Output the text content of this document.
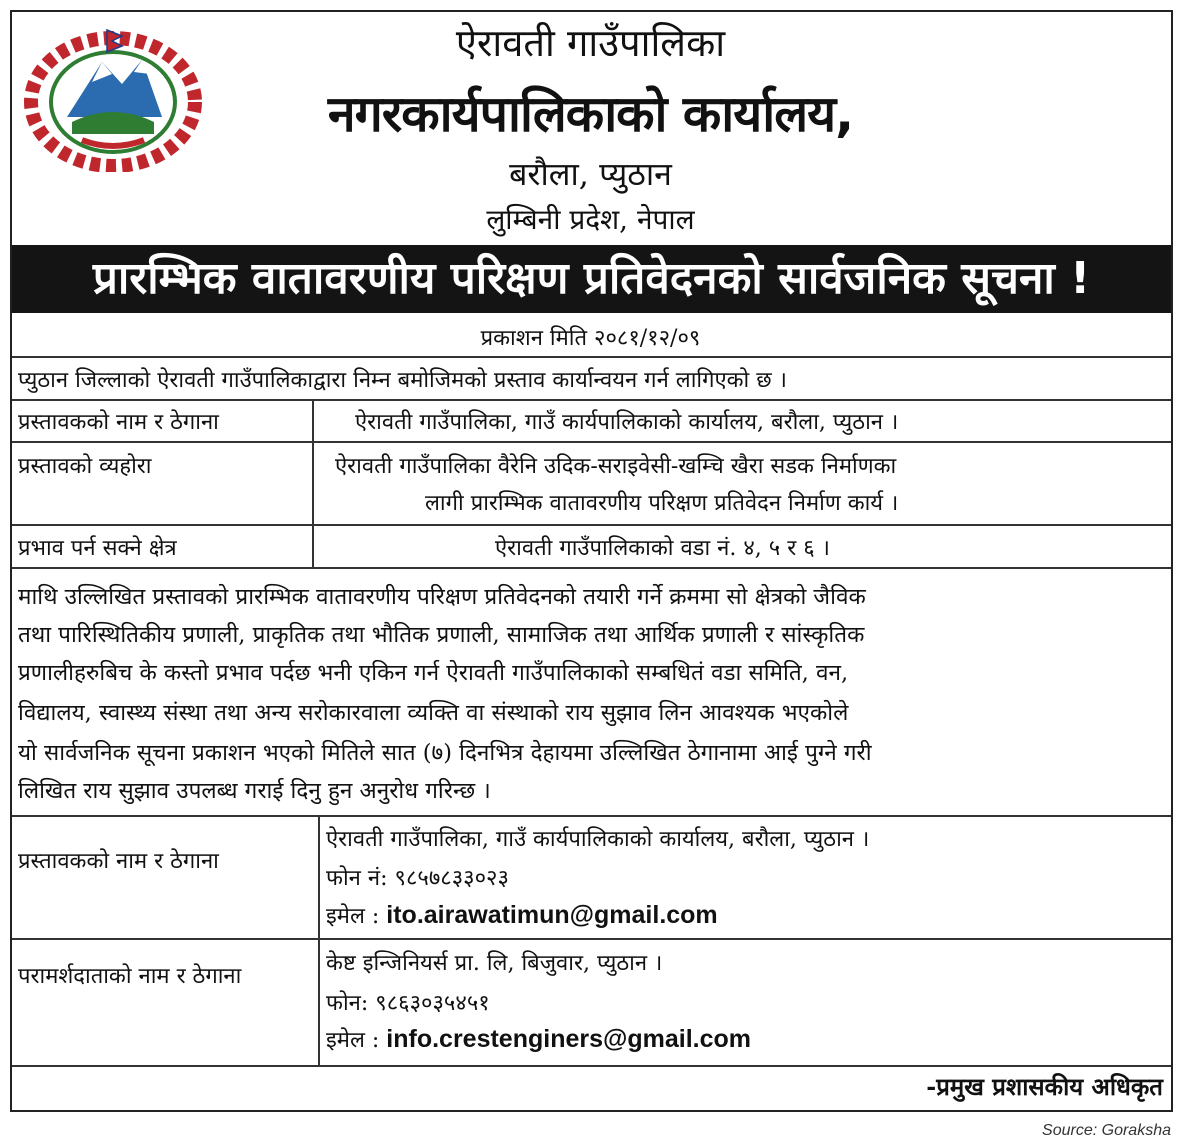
ऐरावती गाउँपालिका
नगरकार्यपालिकाको कार्यालय,
बरौला, प्युठान
लुम्बिनी प्रदेश, नेपाल
प्रारम्भिक वातावरणीय परिक्षण प्रतिवेदनको सार्वजनिक सूचना !
प्रकाशन मिति २०८१/१२/०९
प्युठान जिल्लाको ऐरावती गाउँपालिकाद्वारा निम्न बमोजिमको प्रस्ताव कार्यान्वयन गर्न लागिएको छ ।
प्रस्तावकको नाम र ठेगाना	ऐरावती गाउँपालिका, गाउँ कार्यपालिकाको कार्यालय, बरौला, प्युठान ।
प्रस्तावको व्यहोरा	ऐरावती गाउँपालिका वैरेनि उदिक-सराइवेसी-खम्चि खैरा सडक निर्माणका
लागी प्रारम्भिक वातावरणीय परिक्षण प्रतिवेदन निर्माण कार्य ।
प्रभाव पर्न सक्ने क्षेत्र	ऐरावती गाउँपालिकाको वडा नं. ४, ५ र ६ ।
माथि उल्लिखित प्रस्तावको प्रारम्भिक वातावरणीय परिक्षण प्रतिवेदनको तयारी गर्ने क्रममा सो क्षेत्रको जैविक
तथा पारिस्थितिकीय प्रणाली, प्राकृतिक तथा भौतिक प्रणाली, सामाजिक तथा आर्थिक प्रणाली र सांस्कृतिक
प्रणालीहरुबिच के कस्तो प्रभाव पर्दछ भनी एकिन गर्न ऐरावती गाउँपालिकाको सम्बधितं वडा समिति, वन,
विद्यालय, स्वास्थ्य संस्था तथा अन्य सरोकारवाला व्यक्ति वा संस्थाको राय सुझाव लिन आवश्यक भएकोले
यो सार्वजनिक सूचना प्रकाशन भएको मितिले सात (७) दिनभित्र देहायमा उल्लिखित ठेगानामा आई पुग्ने गरी
लिखित राय सुझाव उपलब्ध गराई दिनु हुन अनुरोध गरिन्छ ।
प्रस्तावकको नाम र ठेगाना
ऐरावती गाउँपालिका, गाउँ कार्यपालिकाको कार्यालय, बरौला, प्युठान ।
फोन नं: ९८५७८३३०२३
इमेल : ito.airawatimun@gmail.com
परामर्शदाताको नाम र ठेगाना
केष्ट इन्जिनियर्स प्रा. लि, बिजुवार, प्युठान ।
फोन: ९८६३०३५४५१
इमेल : info.crestenginers@gmail.com
-प्रमुख प्रशासकीय अधिकृत
Source: Goraksha
